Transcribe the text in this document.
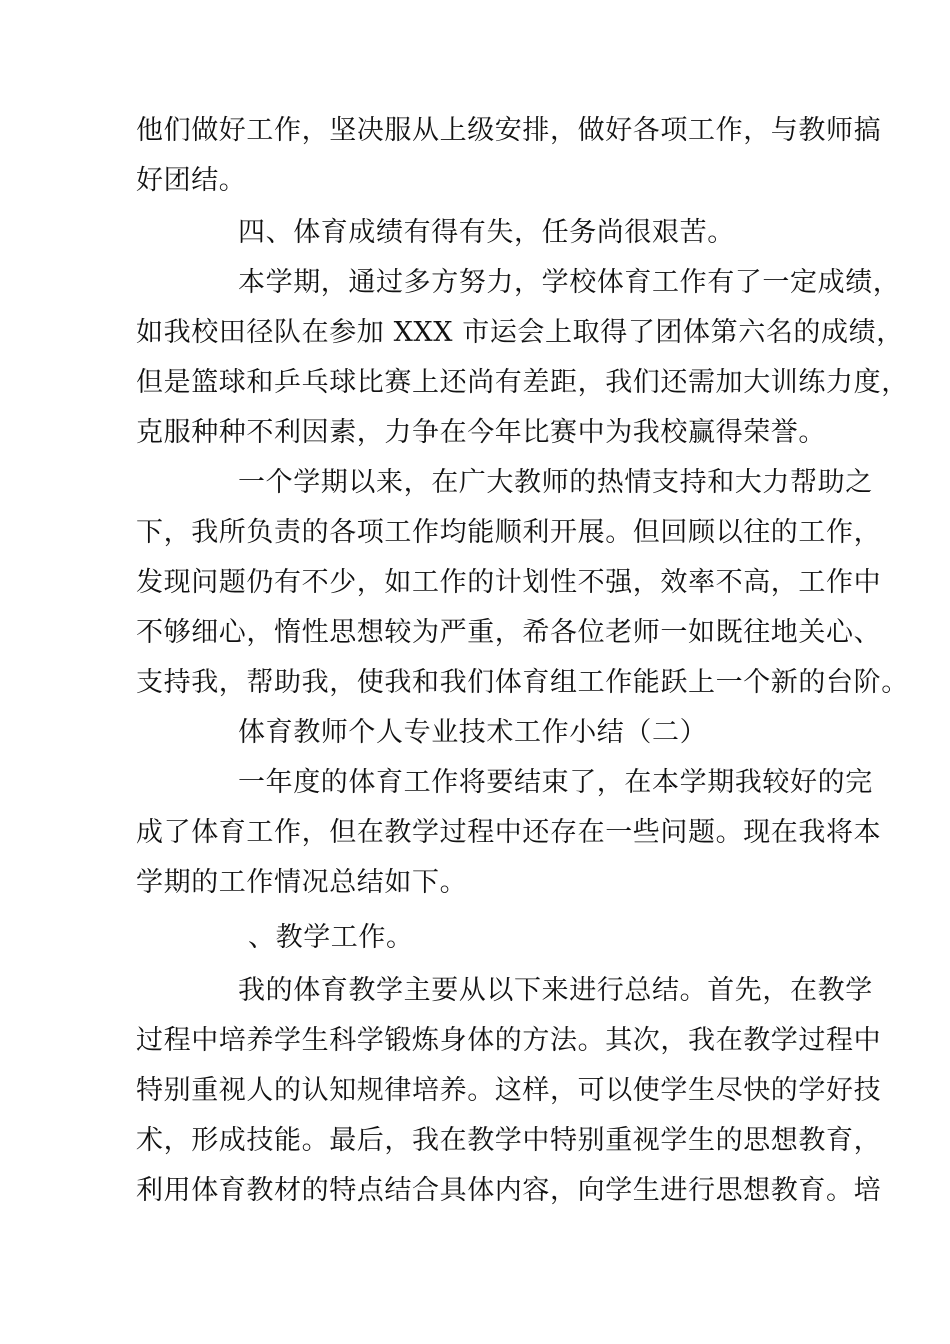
他们做好工作，坚决服从上级安排，做好各项工作，与教师搞
好团结。
四、体育成绩有得有失，任务尚很艰苦。
本学期，通过多方努力，学校体育工作有了一定成绩，
如我校田径队在参加 XXX 市运会上取得了团体第六名的成绩，
但是篮球和乒乓球比赛上还尚有差距，我们还需加大训练力度，
克服种种不利因素，力争在今年比赛中为我校赢得荣誉。
一个学期以来，在广大教师的热情支持和大力帮助之
下，我所负责的各项工作均能顺利开展。但回顾以往的工作，
发现问题仍有不少，如工作的计划性不强，效率不高，工作中
不够细心，惰性思想较为严重，希各位老师一如既往地关心、
支持我，帮助我，使我和我们体育组工作能跃上一个新的台阶。
体育教师个人专业技术工作小结（二）
一年度的体育工作将要结束了，在本学期我较好的完
成了体育工作，但在教学过程中还存在一些问题。现在我将本
学期的工作情况总结如下。
、教学工作。
我的体育教学主要从以下来进行总结。首先，在教学
过程中培养学生科学锻炼身体的方法。其次，我在教学过程中
特别重视人的认知规律培养。这样，可以使学生尽快的学好技
术，形成技能。最后，我在教学中特别重视学生的思想教育，
利用体育教材的特点结合具体内容，向学生进行思想教育。培
